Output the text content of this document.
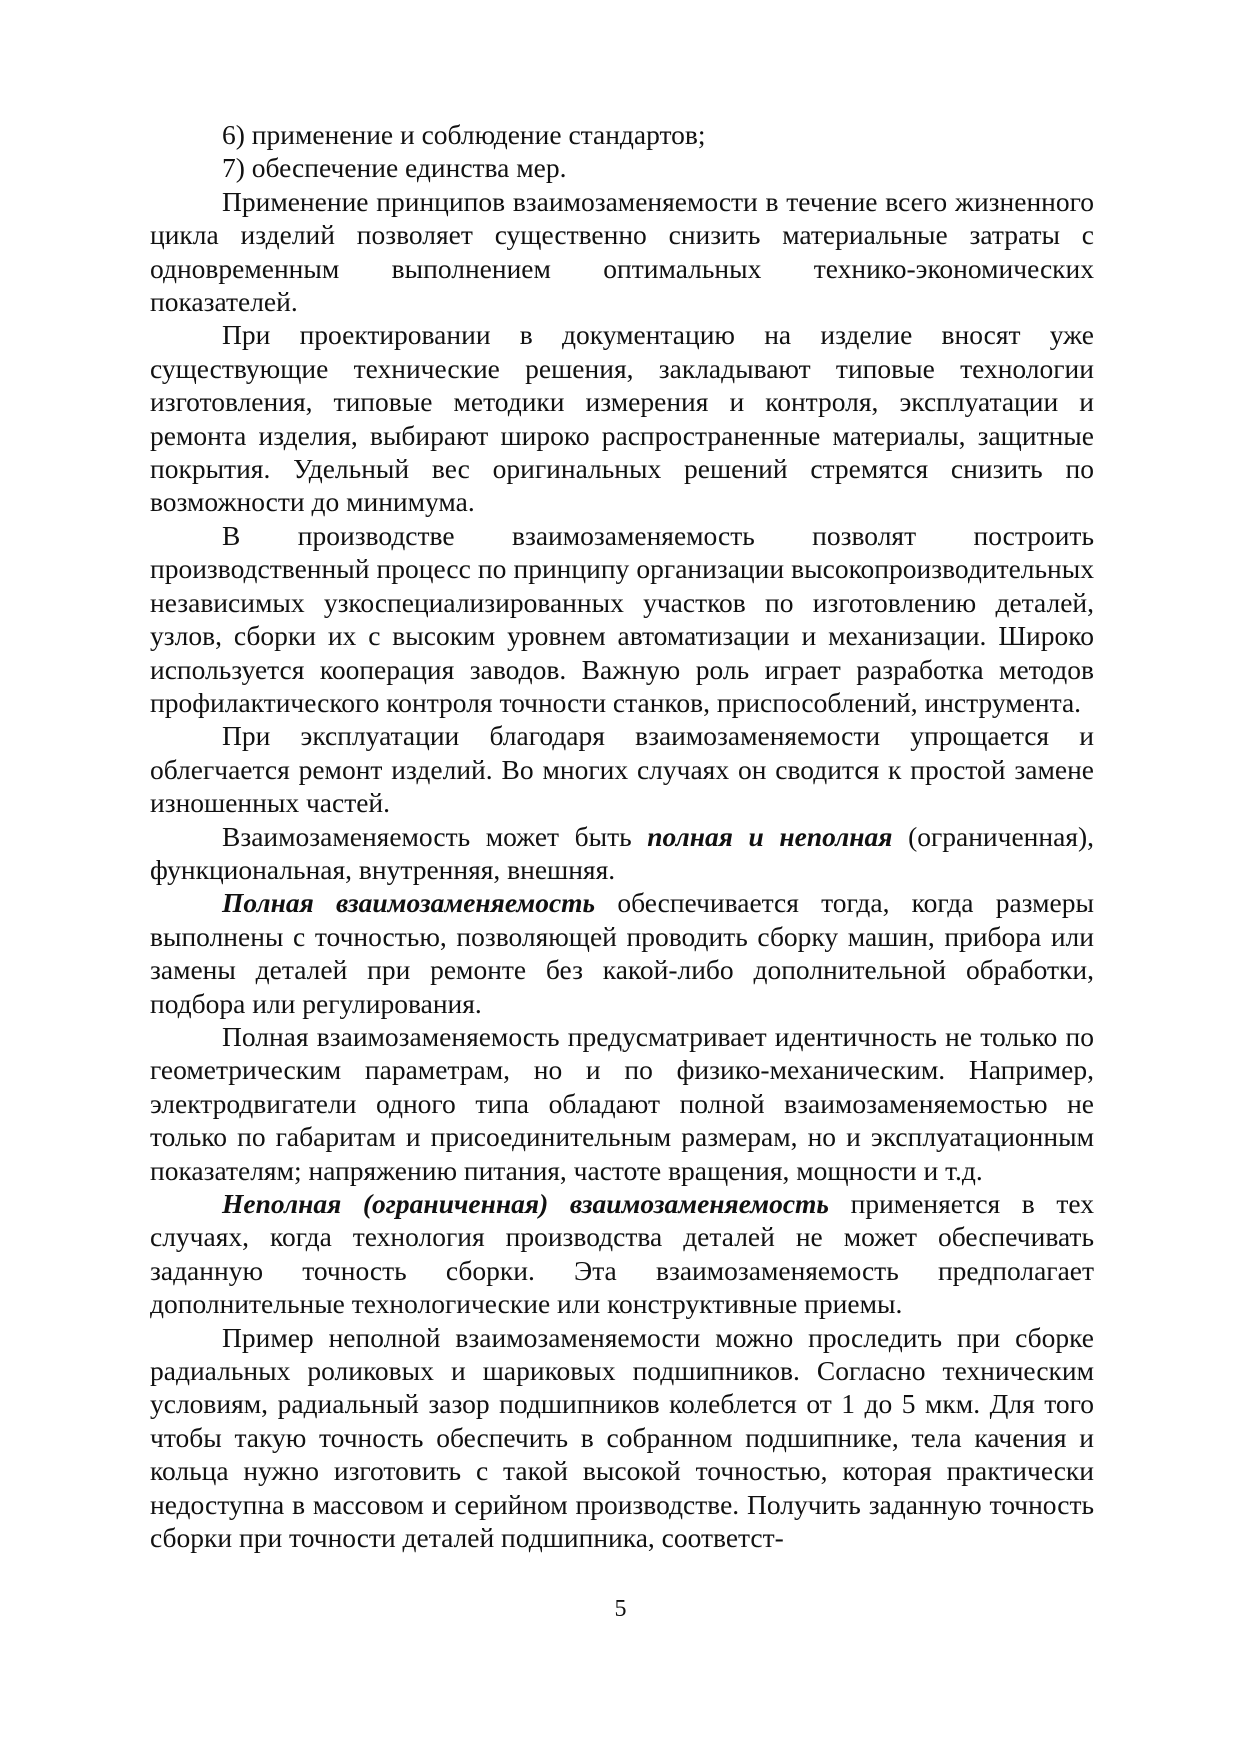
6) применение и соблюдение стандартов;
7) обеспечение единства мер.

Применение принципов взаимозаменяемости в течение всего жизненного цикла изделий позволяет существенно снизить материальные затраты с одновременным выполнением оптимальных технико-экономических показателей.

При проектировании в документацию на изделие вносят уже существующие технические решения, закладывают типовые технологии изготовления, типовые методики измерения и контроля, эксплуатации и ремонта изделия, выбирают широко распространенные материалы, защитные покрытия. Удельный вес оригинальных решений стремятся снизить по возможности до минимума.

В производстве взаимозаменяемость позволят построить производственный процесс по принципу организации высокопроизводительных независимых узкоспециализированных участков по изготовлению деталей, узлов, сборки их с высоким уровнем автоматизации и механизации. Широко используется кооперация заводов. Важную роль играет разработка методов профилактического контроля точности станков, приспособлений, инструмента.

При эксплуатации благодаря взаимозаменяемости упрощается и облегчается ремонт изделий. Во многих случаях он сводится к простой замене изношенных частей.

Взаимозаменяемость может быть полная и неполная (ограниченная), функциональная, внутренняя, внешняя.

Полная взаимозаменяемость обеспечивается тогда, когда размеры выполнены с точностью, позволяющей проводить сборку машин, прибора или замены деталей при ремонте без какой-либо дополнительной обработки, подбора или регулирования.

Полная взаимозаменяемость предусматривает идентичность не только по геометрическим параметрам, но и по физико-механическим. Например, электродвигатели одного типа обладают полной взаимозаменяемостью не только по габаритам и присоединительным размерам, но и эксплуатационным показателям; напряжению питания, частоте вращения, мощности и т.д.

Неполная (ограниченная) взаимозаменяемость применяется в тех случаях, когда технология производства деталей не может обеспечивать заданную точность сборки. Эта взаимозаменяемость предполагает дополнительные технологические или конструктивные приемы.

Пример неполной взаимозаменяемости можно проследить при сборке радиальных роликовых и шариковых подшипников. Согласно техническим условиям, радиальный зазор подшипников колеблется от 1 до 5 мкм. Для того чтобы такую точность обеспечить в собранном подшипнике, тела качения и кольца нужно изготовить с такой высокой точностью, которая практически недоступна в массовом и серийном производстве. Получить заданную точность сборки при точности деталей подшипника, соответст-

5
